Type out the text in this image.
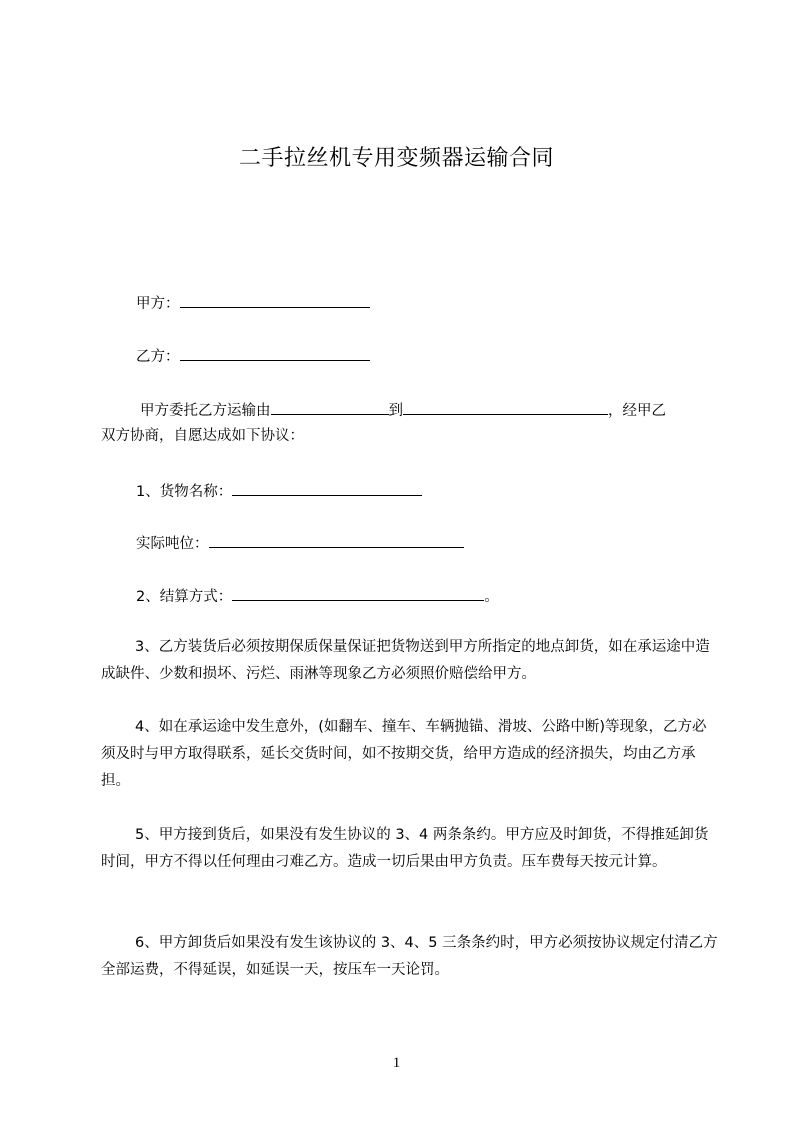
二手拉丝机专用变频器运输合同
甲方：
乙方：
甲方委托乙方运输由	到	，经甲乙
双方协商，自愿达成如下协议：
1、货物名称：
实际吨位：
2、结算方式：	。
3、乙方装货后必须按期保质保量保证把货物送到甲方所指定的地点卸货，如在承运途中造成缺件、少数和损坏、污烂、雨淋等现象乙方必须照价赔偿给甲方。
4、如在承运途中发生意外，(如翻车、撞车、车辆抛锚、滑坡、公路中断)等现象，乙方必须及时与甲方取得联系，延长交货时间，如不按期交货，给甲方造成的经济损失，均由乙方承担。
5、甲方接到货后，如果没有发生协议的 3、4 两条条约。甲方应及时卸货，不得推延卸货时间，甲方不得以任何理由刁难乙方。造成一切后果由甲方负责。压车费每天按元计算。
6、甲方卸货后如果没有发生该协议的 3、4、5 三条条约时，甲方必须按协议规定付清乙方全部运费，不得延误，如延误一天，按压车一天论罚。
1
